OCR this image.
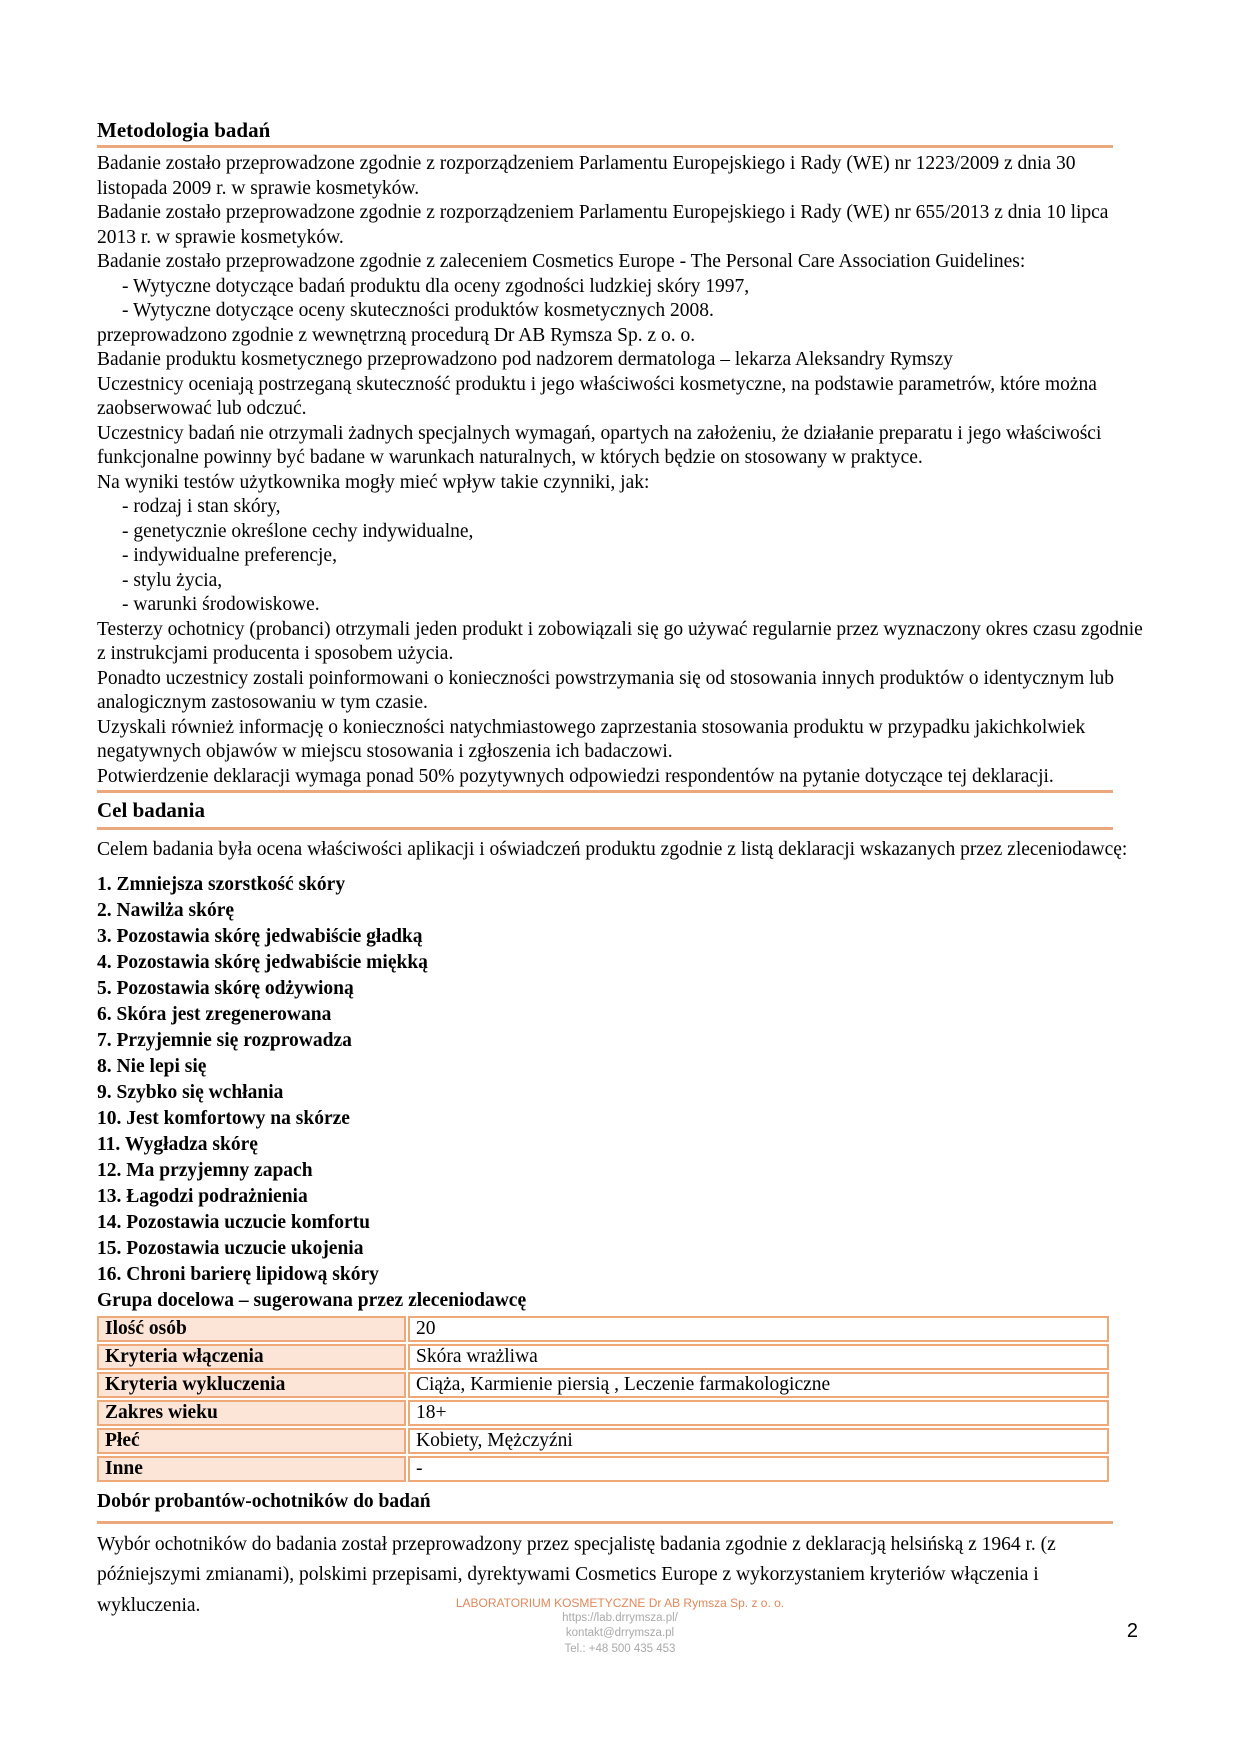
Metodologia badań

Badanie zostało przeprowadzone zgodnie z rozporządzeniem Parlamentu Europejskiego i Rady (WE) nr 1223/2009 z dnia 30 listopada 2009 r. w sprawie kosmetyków.

Badanie zostało przeprowadzone zgodnie z rozporządzeniem Parlamentu Europejskiego i Rady (WE) nr 655/2013 z dnia 10 lipca 2013 r. w sprawie kosmetyków.

Badanie zostało przeprowadzone zgodnie z zaleceniem Cosmetics Europe - The Personal Care Association Guidelines:

- Wytyczne dotyczące badań produktu dla oceny zgodności ludzkiej skóry 1997,

- Wytyczne dotyczące oceny skuteczności produktów kosmetycznych 2008.

przeprowadzono zgodnie z wewnętrzną procedurą Dr AB Rymsza Sp. z o. o.

Badanie produktu kosmetycznego przeprowadzono pod nadzorem dermatologa – lekarza Aleksandry Rymszy

Uczestnicy oceniają postrzeganą skuteczność produktu i jego właściwości kosmetyczne, na podstawie parametrów, które można zaobserwować lub odczuć.

Uczestnicy badań nie otrzymali żadnych specjalnych wymagań, opartych na założeniu, że działanie preparatu i jego właściwości funkcjonalne powinny być badane w warunkach naturalnych, w których będzie on stosowany w praktyce.

Na wyniki testów użytkownika mogły mieć wpływ takie czynniki, jak:

- rodzaj i stan skóry,

- genetycznie określone cechy indywidualne,

- indywidualne preferencje,

- stylu życia,

- warunki środowiskowe.

Testerzy ochotnicy (probanci) otrzymali jeden produkt i zobowiązali się go używać regularnie przez wyznaczony okres czasu zgodnie z instrukcjami producenta i sposobem użycia.

Ponadto uczestnicy zostali poinformowani o konieczności powstrzymania się od stosowania innych produktów o identycznym lub analogicznym zastosowaniu w tym czasie.

Uzyskali również informację o konieczności natychmiastowego zaprzestania stosowania produktu w przypadku jakichkolwiek negatywnych objawów w miejscu stosowania i zgłoszenia ich badaczowi.

Potwierdzenie deklaracji wymaga ponad 50% pozytywnych odpowiedzi respondentów na pytanie dotyczące tej deklaracji.

Cel badania

Celem badania była ocena właściwości aplikacji i oświadczeń produktu zgodnie z listą deklaracji wskazanych przez zleceniodawcę:

1. Zmniejsza szorstkość skóry

2. Nawilża skórę

3. Pozostawia skórę jedwabiście gładką

4. Pozostawia skórę jedwabiście miękką

5. Pozostawia skórę odżywioną

6. Skóra jest zregenerowana

7. Przyjemnie się rozprowadza

8. Nie lepi się

9. Szybko się wchłania

10. Jest komfortowy na skórze

11. Wygładza skórę

12. Ma przyjemny zapach

13. Łagodzi podrażnienia

14. Pozostawia uczucie komfortu

15. Pozostawia uczucie ukojenia

16. Chroni barierę lipidową skóry

Grupa docelowa – sugerowana przez zleceniodawcę

Ilość osób	20
Kryteria włączenia	Skóra wrażliwa
Kryteria wykluczenia	Ciąża, Karmienie piersią , Leczenie farmakologiczne
Zakres wieku	18+
Płeć	Kobiety, Mężczyźni
Inne	-

Dobór probantów-ochotników do badań

Wybór ochotników do badania został przeprowadzony przez specjalistę badania zgodnie z deklaracją helsińską z 1964 r. (z późniejszymi zmianami), polskimi przepisami, dyrektywami Cosmetics Europe z wykorzystaniem kryteriów włączenia i wykluczenia.	LABORATORIUM KOSMETYCZNE Dr AB Rymsza Sp. z o. o.
https://lab.drrymsza.pl/
kontakt@drrymsza.pl
Tel.: +48 500 435 453
2
